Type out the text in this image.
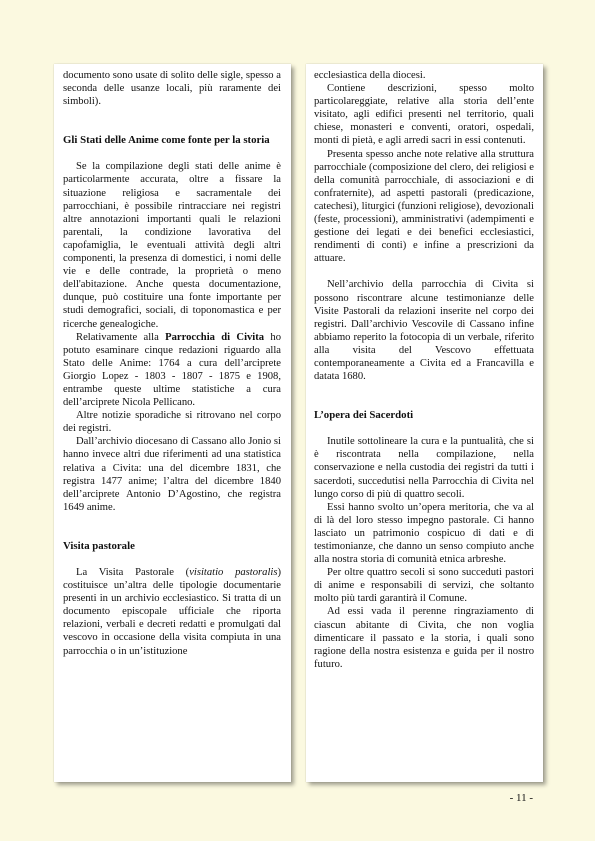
documento sono usate di solito delle sigle, spesso a seconda delle usanze locali, più raramente dei simboli).

Gli Stati delle Anime come fonte per la storia

Se la compilazione degli stati delle anime è particolarmente accurata, oltre a fissare la situazione religiosa e sacramentale dei parrocchiani, è possibile rintracciare nei registri altre annotazioni importanti quali le relazioni parentali, la condizione lavorativa del capofamiglia, le eventuali attività degli altri componenti, la presenza di domestici, i nomi delle vie e delle contrade, la proprietà o meno dell'abitazione. Anche questa documentazione, dunque, può costituire una fonte importante per studi demografici, sociali, di toponomastica e per ricerche genealogiche.

Relativamente alla Parrocchia di Civita ho potuto esaminare cinque redazioni riguardo alla Stato delle Anime: 1764 a cura dell’arciprete Giorgio Lopez - 1803 - 1807 - 1875 e 1908, entrambe queste ultime statistiche a cura dell’arciprete Nicola Pellicano.

Altre notizie sporadiche si ritrovano nel corpo dei registri.

Dall’archivio diocesano di Cassano allo Jonio si hanno invece altri due riferimenti ad una statistica relativa a Civita: una del dicembre 1831, che registra 1477 anime; l’altra del dicembre 1840 dell’arciprete Antonio D’Agostino, che registra 1649 anime.

Visita pastorale

La Visita Pastorale (visitatio pastoralis) costituisce un’altra delle tipologie documentarie presenti in un archivio ecclesiastico. Si tratta di un documento episcopale ufficiale che riporta relazioni, verbali e decreti redatti e promulgati dal vescovo in occasione della visita compiuta in una parrocchia o in un’istituzione

ecclesiastica della diocesi.

Contiene descrizioni, spesso molto particolareggiate, relative alla storia dell’ente visitato, agli edifici presenti nel territorio, quali chiese, monasteri e conventi, oratori, ospedali, monti di pietà, e agli arredi sacri in essi contenuti.

Presenta spesso anche note relative alla struttura parrocchiale (composizione del clero, dei religiosi e della comunità parrocchiale, di associazioni e di confraternite), ad aspetti pastorali (predicazione, catechesi), liturgici (funzioni religiose), devozionali (feste, processioni), amministrativi (adempimenti e gestione dei legati e dei benefici ecclesiastici, rendimenti di conti) e infine a prescrizioni da attuare.

Nell’archivio della parrocchia di Civita si possono riscontrare alcune testimonianze delle Visite Pastorali da relazioni inserite nel corpo dei registri. Dall’archivio Vescovile di Cassano infine abbiamo reperito la fotocopia di un verbale, riferito alla visita del Vescovo effettuata contemporaneamente a Civita ed a Francavilla e datata 1680.

L’opera dei Sacerdoti

Inutile sottolineare la cura e la puntualità, che si è riscontrata nella compilazione, nella conservazione e nella custodia dei registri da tutti i sacerdoti, succedutisi nella Parrocchia di Civita nel lungo corso di più di quattro secoli.

Essi hanno svolto un’opera meritoria, che va al di là del loro stesso impegno pastorale. Ci hanno lasciato un patrimonio cospicuo di dati e di testimonianze, che danno un senso compiuto anche alla nostra storia di comunità etnica arbreshe.

Per oltre quattro secoli si sono succeduti pastori di anime e responsabili di servizi, che soltanto molto più tardi garantirà il Comune.

Ad essi vada il perenne ringraziamento di ciascun abitante di Civita, che non voglia dimenticare il passato e la storia, i quali sono ragione della nostra esistenza e guida per il nostro futuro.

- 11 -
